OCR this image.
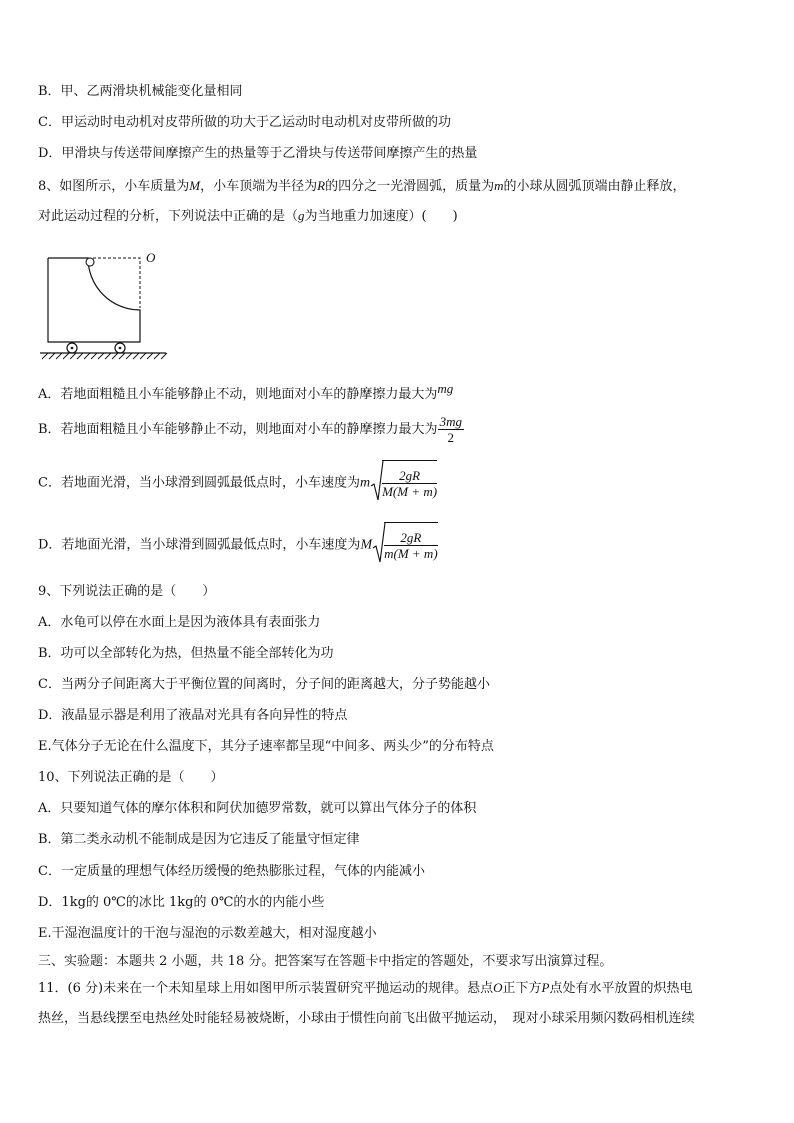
B．甲、乙两滑块机械能变化量相同
C．甲运动时电动机对皮带所做的功大于乙运动时电动机对皮带所做的功
D．甲滑块与传送带间摩擦产生的热量等于乙滑块与传送带间摩擦产生的热量
8、如图所示，小车质量为M，小车顶端为半径为R的四分之一光滑圆弧，质量为m的小球从圆弧顶端由静止释放，
对此运动过程的分析，下列说法中正确的是（g为当地重力加速度）(　　)
O
A．若地面粗糙且小车能够静止不动，则地面对小车的静摩擦力最大为mg
B．若地面粗糙且小车能够静止不动，则地面对小车的静摩擦力最大为 $\frac{3mg}{2}$
C．若地面光滑，当小球滑到圆弧最低点时，小车速度为m $\frac{2gR}{M(M + m)}$
D．若地面光滑，当小球滑到圆弧最低点时，小车速度为M $\frac{2gR}{m(M + m)}$
9、下列说法正确的是（　　）
A．水龟可以停在水面上是因为液体具有表面张力
B．功可以全部转化为热，但热量不能全部转化为功
C．当两分子间距离大于平衡位置的间离时，分子间的距离越大，分子势能越小
D．液晶显示器是利用了液晶对光具有各向异性的特点
E.气体分子无论在什么温度下，其分子速率都呈现“中间多、两头少”的分布特点
10、下列说法正确的是（　　）
A．只要知道气体的摩尔体积和阿伏加德罗常数，就可以算出气体分子的体积
B．第二类永动机不能制成是因为它违反了能量守恒定律
C．一定质量的理想气体经历缓慢的绝热膨胀过程，气体的内能减小
D．1kg的 0℃的冰比 1kg的 0℃的水的内能小些
E.干湿泡温度计的干泡与湿泡的示数差越大，相对湿度越小
三、实验题：本题共 2 小题，共 18 分。把答案写在答题卡中指定的答题处，不要求写出演算过程。
11．(6 分)未来在一个未知星球上用如图甲所示装置研究平抛运动的规律。悬点O正下方P点处有水平放置的炽热电
热丝，当悬线摆至电热丝处时能轻易被烧断，小球由于惯性向前飞出做平抛运动，　现对小球采用频闪数码相机连续
